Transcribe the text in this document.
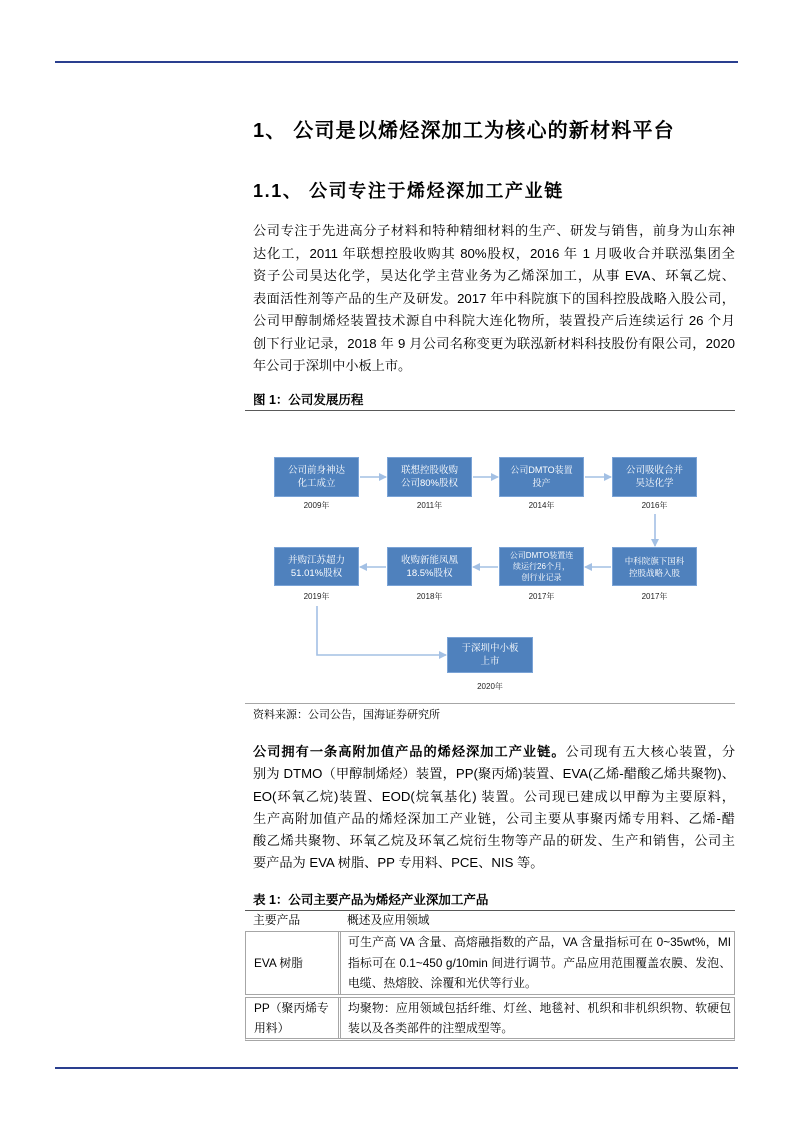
1、 公司是以烯烃深加工为核心的新材料平台
1.1、 公司专注于烯烃深加工产业链
公司专注于先进高分子材料和特种精细材料的生产、研发与销售，前身为山东神
达化工，2011 年联想控股收购其 80%股权，2016 年 1 月吸收合并联泓集团全
资子公司昊达化学，昊达化学主营业务为乙烯深加工，从事 EVA、环氧乙烷、
表面活性剂等产品的生产及研发。2017 年中科院旗下的国科控股战略入股公司，
公司甲醇制烯烃装置技术源自中科院大连化物所，装置投产后连续运行 26 个月
创下行业记录，2018 年 9 月公司名称变更为联泓新材料科技股份有限公司，2020
年公司于深圳中小板上市。
图 1：公司发展历程
公司前身神达
化工成立
2009年
联想控股收购
公司80%股权
2011年
公司DMTO装置
投产
2014年
公司吸收合并
昊达化学
2016年
中科院旗下国科
控股战略入股
2017年
公司DMTO装置连
续运行26个月，
创行业记录
2017年
收购新能凤凰
18.5%股权
2018年
并购江苏超力
51.01%股权
2019年
于深圳中小板
上市
2020年
资料来源：公司公告，国海证券研究所
公司拥有一条高附加值产品的烯烃深加工产业链。公司现有五大核心装置，分
别为 DTMO（甲醇制烯烃）装置，PP(聚丙烯)装置、EVA(乙烯-醋酸乙烯共聚物)、
EO(环氧乙烷)装置、EOD(烷氧基化) 装置。公司现已建成以甲醇为主要原料，
生产高附加值产品的烯烃深加工产业链，公司主要从事聚丙烯专用料、乙烯-醋
酸乙烯共聚物、环氧乙烷及环氧乙烷衍生物等产品的研发、生产和销售，公司主
要产品为 EVA 树脂、PP 专用料、PCE、NIS 等。
表 1：公司主要产品为烯烃产业深加工产品
主要产品	概述及应用领域
EVA 树脂
可生产高 VA 含量、高熔融指数的产品，VA 含量指标可在 0~35wt%，MI
指标可在 0.1~450 g/10min 间进行调节。产品应用范围覆盖农膜、发泡、
电缆、热熔胶、涂覆和光伏等行业。
PP（聚丙烯专
用料）
均聚物：应用领域包括纤维、灯丝、地毯衬、机织和非机织织物、软硬包
装以及各类部件的注塑成型等。
